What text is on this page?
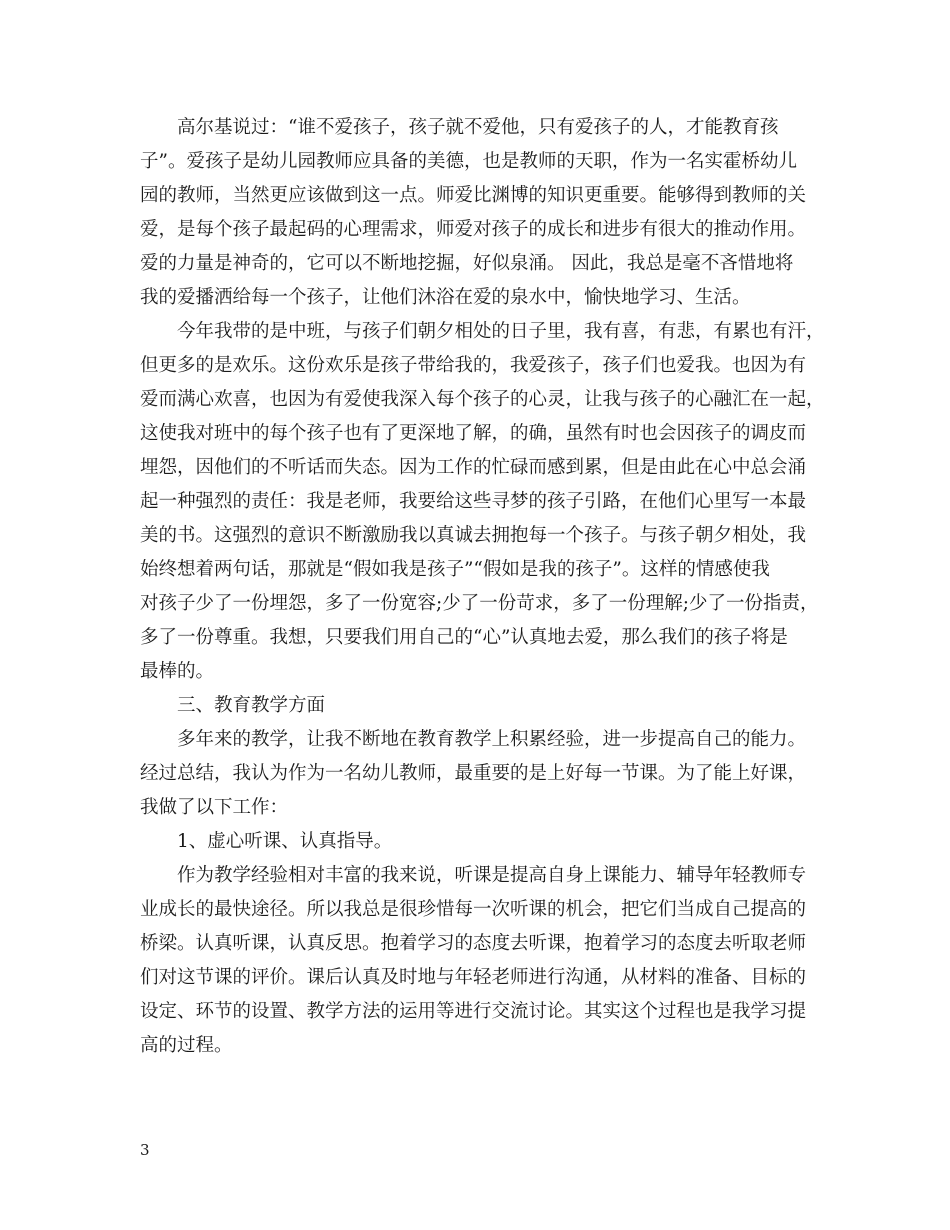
高尔基说过：“谁不爱孩子，孩子就不爱他，只有爱孩子的人，才能教育孩
子”。爱孩子是幼儿园教师应具备的美德，也是教师的天职，作为一名实霍桥幼儿
园的教师，当然更应该做到这一点。师爱比渊博的知识更重要。能够得到教师的关
爱，是每个孩子最起码的心理需求，师爱对孩子的成长和进步有很大的推动作用。
爱的力量是神奇的，它可以不断地挖掘，好似泉涌。 因此，我总是毫不吝惜地将
我的爱播洒给每一个孩子，让他们沐浴在爱的泉水中，愉快地学习、生活。

今年我带的是中班，与孩子们朝夕相处的日子里，我有喜，有悲，有累也有汗，
但更多的是欢乐。这份欢乐是孩子带给我的，我爱孩子，孩子们也爱我。也因为有
爱而满心欢喜，也因为有爱使我深入每个孩子的心灵，让我与孩子的心融汇在一起，
这使我对班中的每个孩子也有了更深地了解，的确，虽然有时也会因孩子的调皮而
埋怨，因他们的不听话而失态。因为工作的忙碌而感到累，但是由此在心中总会涌
起一种强烈的责任：我是老师，我要给这些寻梦的孩子引路，在他们心里写一本最
美的书。这强烈的意识不断激励我以真诚去拥抱每一个孩子。与孩子朝夕相处，我
始终想着两句话，那就是“假如我是孩子”“假如是我的孩子”。这样的情感使我
对孩子少了一份埋怨，多了一份宽容;少了一份苛求，多了一份理解;少了一份指责，
多了一份尊重。我想，只要我们用自己的“心”认真地去爱，那么我们的孩子将是
最棒的。

三、教育教学方面

多年来的教学，让我不断地在教育教学上积累经验，进一步提高自己的能力。
经过总结，我认为作为一名幼儿教师，最重要的是上好每一节课。为了能上好课，
我做了以下工作：

1、虚心听课、认真指导。

作为教学经验相对丰富的我来说，听课是提高自身上课能力、辅导年轻教师专
业成长的最快途径。所以我总是很珍惜每一次听课的机会，把它们当成自己提高的
桥梁。认真听课，认真反思。抱着学习的态度去听课，抱着学习的态度去听取老师
们对这节课的评价。课后认真及时地与年轻老师进行沟通，从材料的准备、目标的
设定、环节的设置、教学方法的运用等进行交流讨论。其实这个过程也是我学习提
高的过程。

3
